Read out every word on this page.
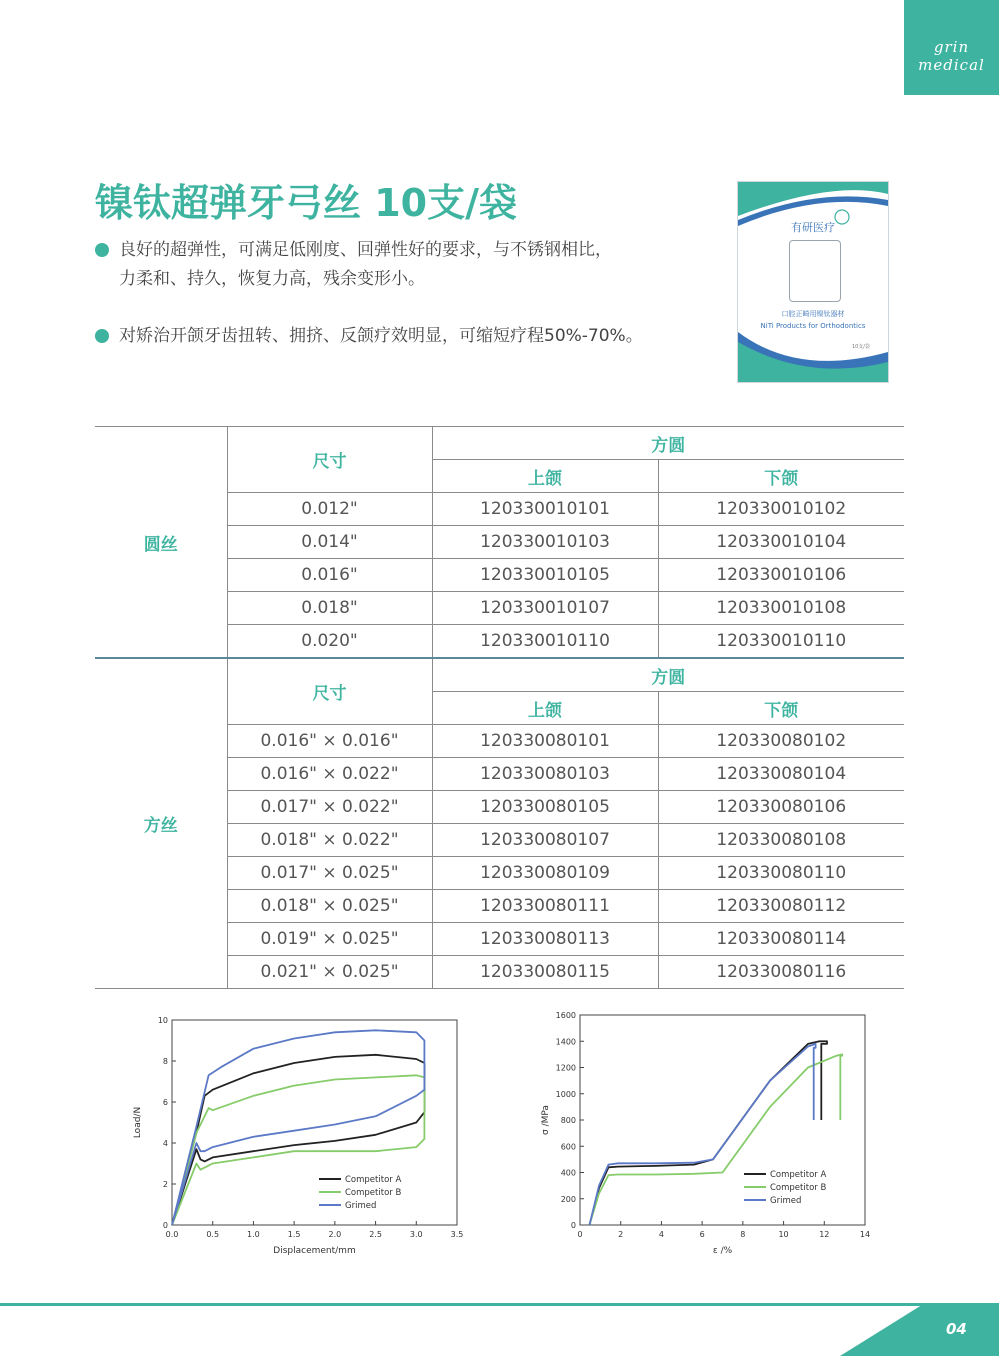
grin medical
镍钛超弹牙弓丝 10支/袋
良好的超弹性，可满足低刚度、回弹性好的要求，与不锈钢相比，
力柔和、持久，恢复力高，残余变形小。
对矫治开颌牙齿扭转、拥挤、反颌疗效明显，可缩短疗程50%-70%。
有研医疗
口腔正畸用镍钛器材
NiTi Products for Orthodontics
10支/袋
圆丝	尺寸	方圆	
		上颌	下颌
	0.012"	120330010101	120330010102
	0.014"	120330010103	120330010104
	0.016"	120330010105	120330010106
	0.018"	120330010107	120330010108
	0.020"	120330010110	120330010110
方丝	尺寸	方圆	
		上颌	下颌
	0.016" × 0.016"	120330080101	120330080102
	0.016" × 0.022"	120330080103	120330080104
	0.017" × 0.022"	120330080105	120330080106
	0.018" × 0.022"	120330080107	120330080108
	0.017" × 0.025"	120330080109	120330080110
	0.018" × 0.025"	120330080111	120330080112
	0.019" × 0.025"	120330080113	120330080114
	0.021" × 0.025"	120330080115	120330080116
0.0	0.5	1.0	1.5	2.0	2.5	3.0	3.5
0
2
4
6
8
10
Displacement/mm
Load/N
Competitor A
Competitor B
Grimed
0	2	4	6	8	10	12	14
0
200
400
600
800
1000
1200
1400
1600
ε /%
σ /MPa
Competitor A
Competitor B
Grimed
04
